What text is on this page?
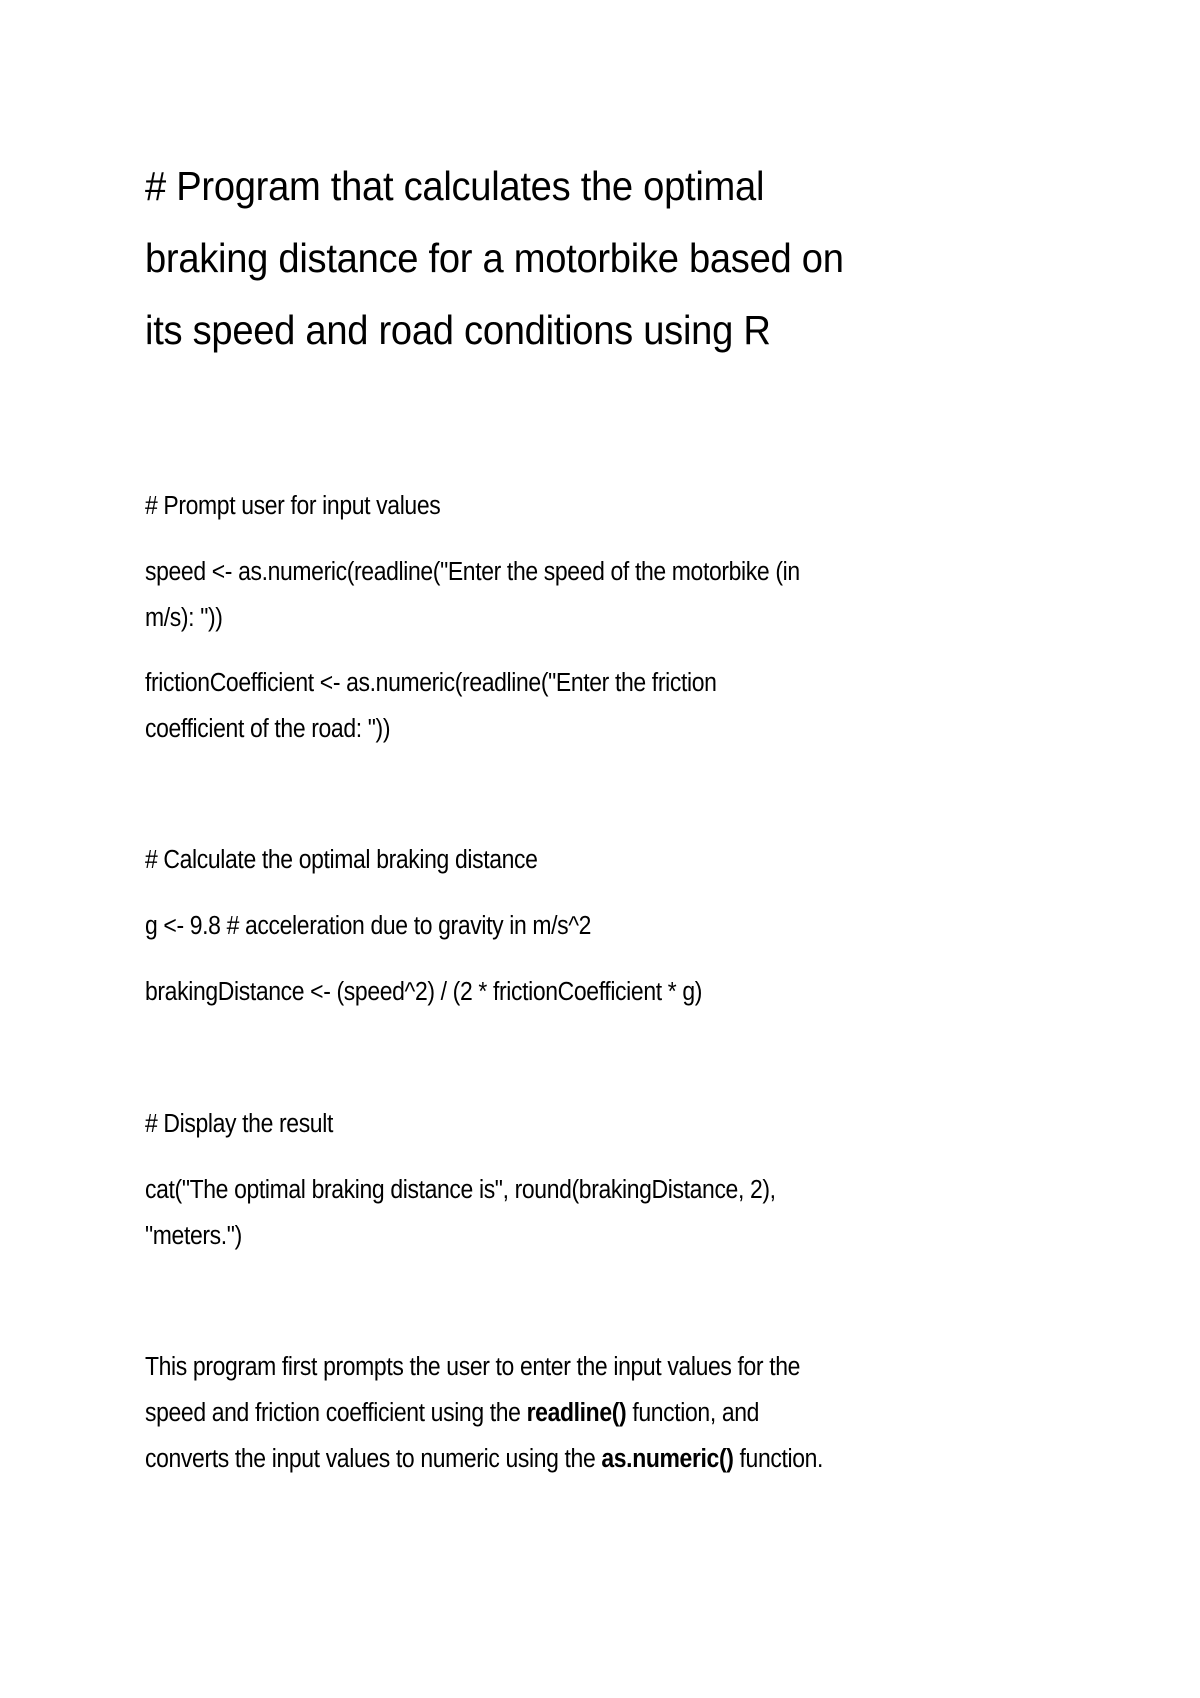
# Program that calculates the optimal
braking distance for a motorbike based on
its speed and road conditions using R
# Prompt user for input values
speed <- as.numeric(readline("Enter the speed of the motorbike (in
m/s): "))
frictionCoefficient <- as.numeric(readline("Enter the friction
coefficient of the road: "))
# Calculate the optimal braking distance
g <- 9.8 # acceleration due to gravity in m/s^2
brakingDistance <- (speed^2) / (2 * frictionCoefficient * g)
# Display the result
cat("The optimal braking distance is", round(brakingDistance, 2),
"meters.")
This program first prompts the user to enter the input values for the
speed and friction coefficient using the readline() function, and
converts the input values to numeric using the as.numeric() function.
